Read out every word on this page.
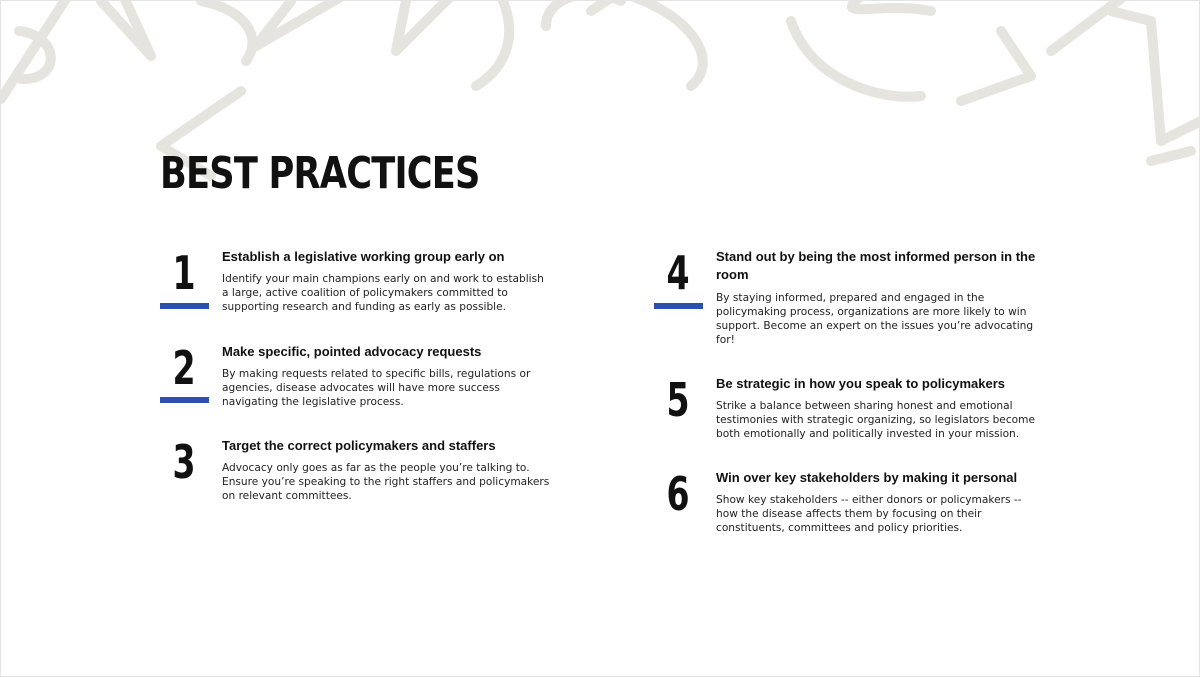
BEST PRACTICES
1	Establish a legislative working group early on

Identify your main champions early on and work to establish a large, active coalition of policymakers committed to supporting research and funding as early as possible.

2	Make specific, pointed advocacy requests

By making requests related to specific bills, regulations or agencies, disease advocates will have more success navigating the legislative process.

3	Target the correct policymakers and staffers

Advocacy only goes as far as the people you’re talking to. Ensure you’re speaking to the right staffers and policymakers on relevant committees.

4	Stand out by being the most informed person in the room

By staying informed, prepared and engaged in the policymaking process, organizations are more likely to win support. Become an expert on the issues you’re advocating for!

5	Be strategic in how you speak to policymakers

Strike a balance between sharing honest and emotional testimonies with strategic organizing, so legislators become both emotionally and politically invested in your mission.

6	Win over key stakeholders by making it personal

Show key stakeholders -- either donors or policymakers -- how the disease affects them by focusing on their constituents, committees and policy priorities.
